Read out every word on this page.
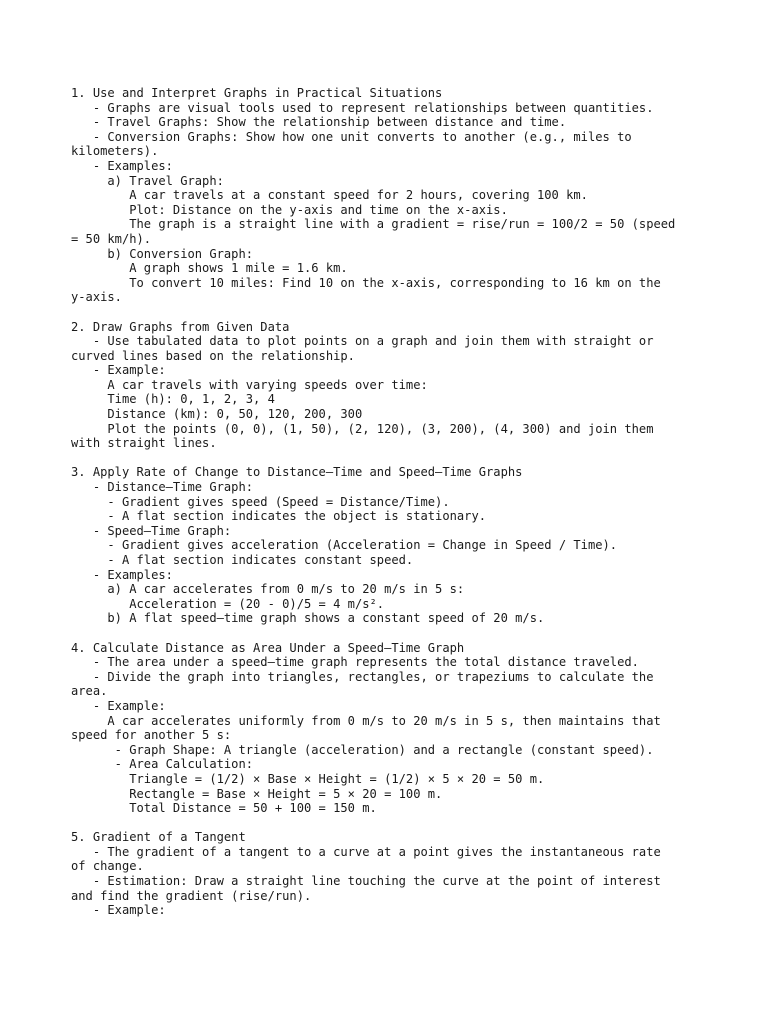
1. Use and Interpret Graphs in Practical Situations
- Graphs are visual tools used to represent relationships between quantities.
- Travel Graphs: Show the relationship between distance and time.
- Conversion Graphs: Show how one unit converts to another (e.g., miles to
kilometers).
- Examples:
a) Travel Graph:
A car travels at a constant speed for 2 hours, covering 100 km.
Plot: Distance on the y-axis and time on the x-axis.
The graph is a straight line with a gradient = rise/run = 100/2 = 50 (speed
= 50 km/h).
b) Conversion Graph:
A graph shows 1 mile = 1.6 km.
To convert 10 miles: Find 10 on the x-axis, corresponding to 16 km on the
y-axis.

2. Draw Graphs from Given Data
- Use tabulated data to plot points on a graph and join them with straight or
curved lines based on the relationship.
- Example:
A car travels with varying speeds over time:
Time (h): 0, 1, 2, 3, 4
Distance (km): 0, 50, 120, 200, 300
Plot the points (0, 0), (1, 50), (2, 120), (3, 200), (4, 300) and join them
with straight lines.

3. Apply Rate of Change to Distance–Time and Speed–Time Graphs
- Distance–Time Graph:
- Gradient gives speed (Speed = Distance/Time).
- A flat section indicates the object is stationary.
- Speed–Time Graph:
- Gradient gives acceleration (Acceleration = Change in Speed / Time).
- A flat section indicates constant speed.
- Examples:
a) A car accelerates from 0 m/s to 20 m/s in 5 s:
Acceleration = (20 - 0)/5 = 4 m/s².
b) A flat speed–time graph shows a constant speed of 20 m/s.

4. Calculate Distance as Area Under a Speed–Time Graph
- The area under a speed–time graph represents the total distance traveled.
- Divide the graph into triangles, rectangles, or trapeziums to calculate the
area.
- Example:
A car accelerates uniformly from 0 m/s to 20 m/s in 5 s, then maintains that
speed for another 5 s:
- Graph Shape: A triangle (acceleration) and a rectangle (constant speed).
- Area Calculation:
Triangle = (1/2) × Base × Height = (1/2) × 5 × 20 = 50 m.
Rectangle = Base × Height = 5 × 20 = 100 m.
Total Distance = 50 + 100 = 150 m.

5. Gradient of a Tangent
- The gradient of a tangent to a curve at a point gives the instantaneous rate
of change.
- Estimation: Draw a straight line touching the curve at the point of interest
and find the gradient (rise/run).
- Example:
